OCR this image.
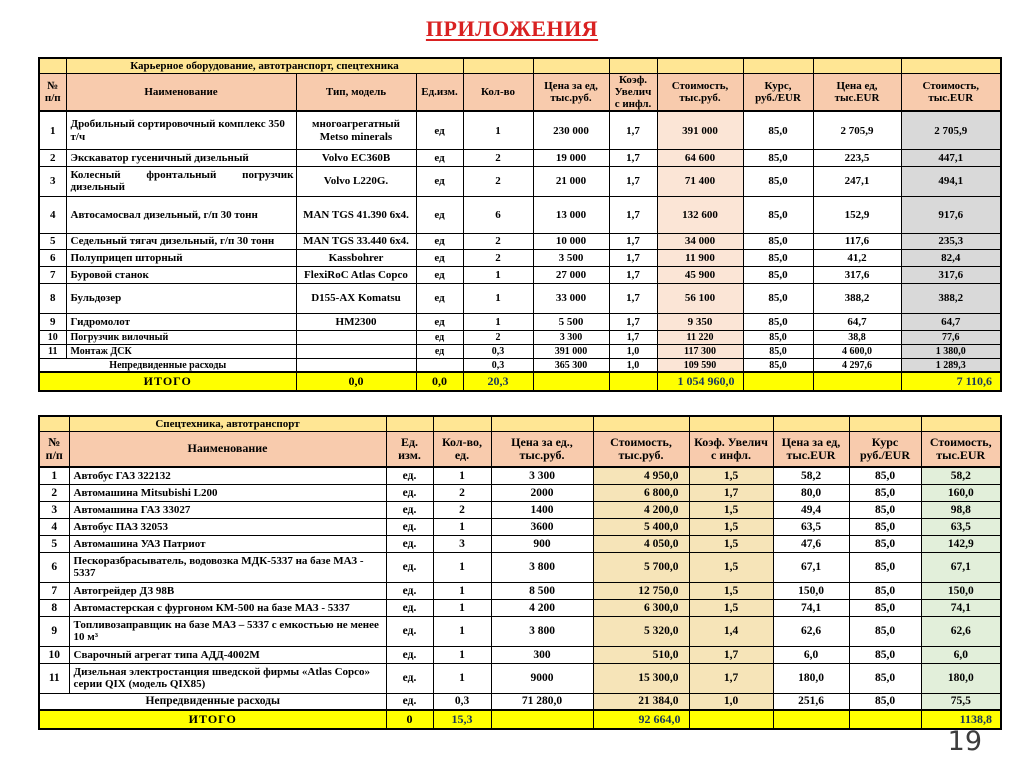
ПРИЛОЖЕНИЯ
	Карьерное оборудование, автотранспорт, спецтехника									
№ п/п	Наименование	Тип, модель	Ед.изм.	Кол-во	Цена за ед, тыс.руб.	Коэф. Увелич с инфл.	Стоимость, тыс.руб.	Курс, руб./EUR	Цена ед, тыс.EUR	Стоимость, тыс.EUR
1	Дробильный сортировочный комплекс 350 т/ч	многоагрегатный Metso minerals	ед	1	230 000	1,7	391 000	85,0	2 705,9	2 705,9
2	Экскаватор гусеничный дизельный	Volvo EC360B	ед	2	19 000	1,7	64 600	85,0	223,5	447,1
3	Колесный фронтальный погрузчик дизельный	Volvo L220G.	ед	2	21 000	1,7	71 400	85,0	247,1	494,1
4	Автосамосвал дизельный, г/п 30 тонн	MAN TGS 41.390 6х4.	ед	6	13 000	1,7	132 600	85,0	152,9	917,6
5	Седельный тягач дизельный, г/п 30 тонн	MAN TGS 33.440 6х4.	ед	2	10 000	1,7	34 000	85,0	117,6	235,3
6	Полуприцеп шторный	Kassbohrer	ед	2	3 500	1,7	11 900	85,0	41,2	82,4
7	Буровой станок	FlexiRoC Atlas Copco	ед	1	27 000	1,7	45 900	85,0	317,6	317,6
8	Бульдозер	D155-AX Komatsu	ед	1	33 000	1,7	56 100	85,0	388,2	388,2
9	Гидромолот	HM2300	ед	1	5 500	1,7	9 350	85,0	64,7	64,7
10	Погрузчик вилочный		ед	2	3 300	1,7	11 220	85,0	38,8	77,6
11	Монтаж ДСК		ед	0,3	391 000	1,0	117 300	85,0	4 600,0	1 380,0
Непредвиденные расходы				0,3	365 300	1,0	109 590	85,0	4 297,6	1 289,3
ИТОГО		0,0	0,0	20,3			1 054 960,0			7 110,6
	Спецтехника, автотранспорт								
№ п/п	Наименование	Ед. изм.	Кол-во, ед.	Цена за ед., тыс.руб.	Стоимость, тыс.руб.	Коэф. Увелич с инфл.	Цена за ед, тыс.EUR	Курс руб./EUR	Стоимость, тыс.EUR
1	Автобус ГАЗ 322132	ед.	1	3 300	4 950,0	1,5	58,2	85,0	58,2
2	Автомашина Mitsubishi L200	ед.	2	2000	6 800,0	1,7	80,0	85,0	160,0
3	Автомашина ГАЗ 33027	ед.	2	1400	4 200,0	1,5	49,4	85,0	98,8
4	Автобус ПАЗ 32053	ед.	1	3600	5 400,0	1,5	63,5	85,0	63,5
5	Автомашина УАЗ Патриот	ед.	3	900	4 050,0	1,5	47,6	85,0	142,9
6	Пескоразбрасыватель, водовозка МДК-5337 на базе МАЗ - 5337	ед.	1	3 800	5 700,0	1,5	67,1	85,0	67,1
7	Автогрейдер ДЗ 98В	ед.	1	8 500	12 750,0	1,5	150,0	85,0	150,0
8	Автомастерская с фургоном КМ-500 на базе МАЗ - 5337	ед.	1	4 200	6 300,0	1,5	74,1	85,0	74,1
9	Топливозаправщик на базе МАЗ – 5337 с емкостьью не менее 10 м³	ед.	1	3 800	5 320,0	1,4	62,6	85,0	62,6
10	Сварочный агрегат типа АДД-4002М	ед.	1	300	510,0	1,7	6,0	85,0	6,0
11	Дизельная электростанция шведской фирмы «Atlas Copco» серии QIX (модель QIX85)	ед.	1	9000	15 300,0	1,7	180,0	85,0	180,0
Непредвиденные расходы		ед.	0,3	71 280,0	21 384,0	1,0	251,6	85,0	75,5
ИТОГО		0	15,3		92 664,0				1138,8
19
